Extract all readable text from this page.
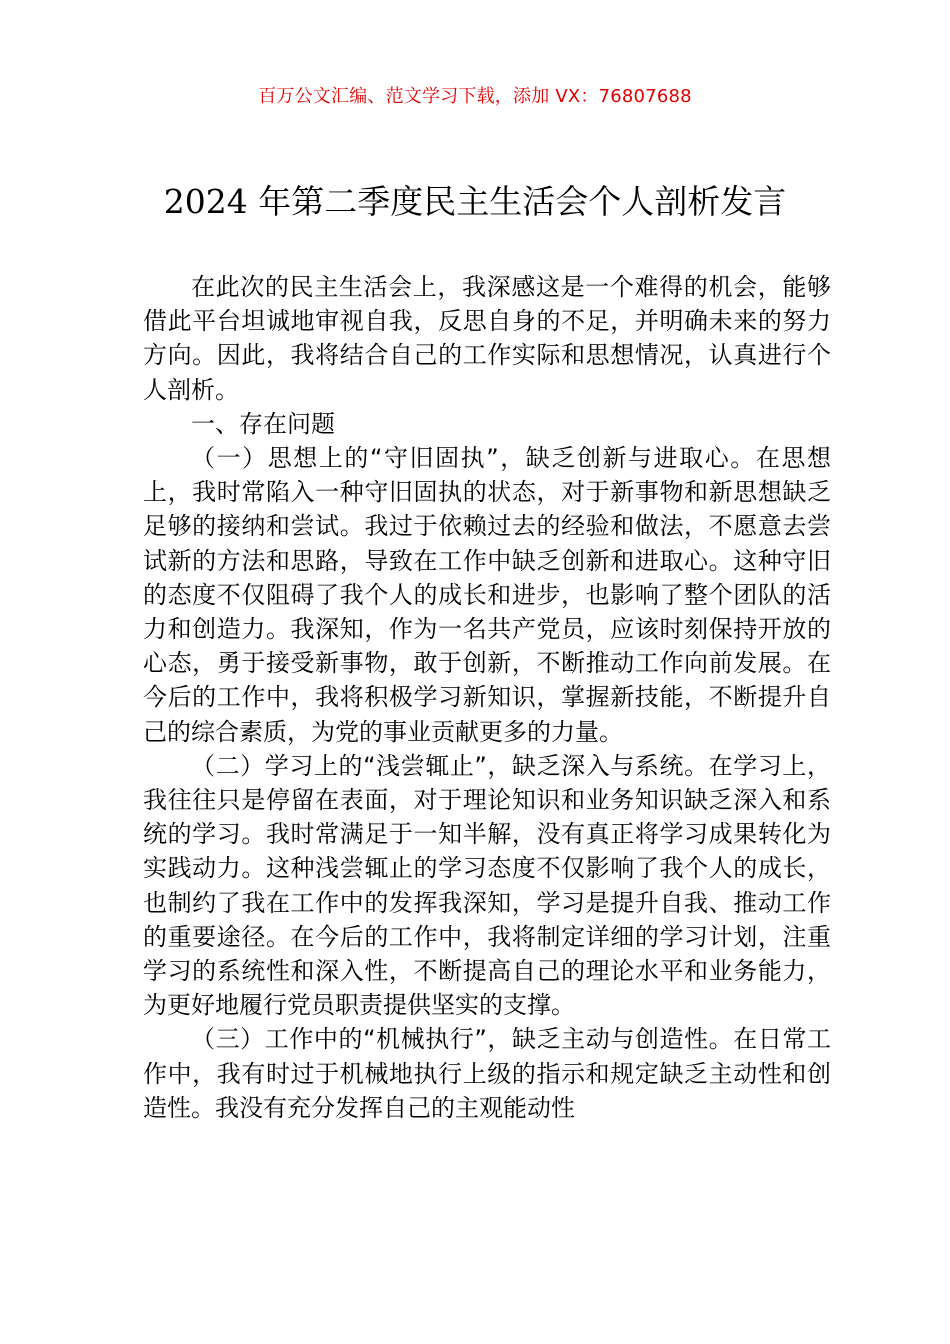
百万公文汇编、范文学习下载，添加 VX：76807688
2024 年第二季度民主生活会个人剖析发言

在此次的民主生活会上，我深感这是一个难得的机会，能够借此平台坦诚地审视自我，反思自身的不足，并明确未来的努力方向。因此，我将结合自己的工作实际和思想情况，认真进行个人剖析。

一、存在问题

（一）思想上的“守旧固执”，缺乏创新与进取心。在思想上，我时常陷入一种守旧固执的状态，对于新事物和新思想缺乏足够的接纳和尝试。我过于依赖过去的经验和做法，不愿意去尝试新的方法和思路，导致在工作中缺乏创新和进取心。这种守旧的态度不仅阻碍了我个人的成长和进步，也影响了整个团队的活力和创造力。我深知，作为一名共产党员，应该时刻保持开放的心态，勇于接受新事物，敢于创新，不断推动工作向前发展。在今后的工作中，我将积极学习新知识，掌握新技能，不断提升自己的综合素质，为党的事业贡献更多的力量。

（二）学习上的“浅尝辄止”，缺乏深入与系统。在学习上，我往往只是停留在表面，对于理论知识和业务知识缺乏深入和系统的学习。我时常满足于一知半解，没有真正将学习成果转化为实践动力。这种浅尝辄止的学习态度不仅影响了我个人的成长，也制约了我在工作中的发挥我深知，学习是提升自我、推动工作的重要途径。在今后的工作中，我将制定详细的学习计划，注重学习的系统性和深入性，不断提高自己的理论水平和业务能力，为更好地履行党员职责提供坚实的支撑。

（三）工作中的“机械执行”，缺乏主动与创造性。在日常工作中，我有时过于机械地执行上级的指示和规定缺乏主动性和创造性。我没有充分发挥自己的主观能动性
